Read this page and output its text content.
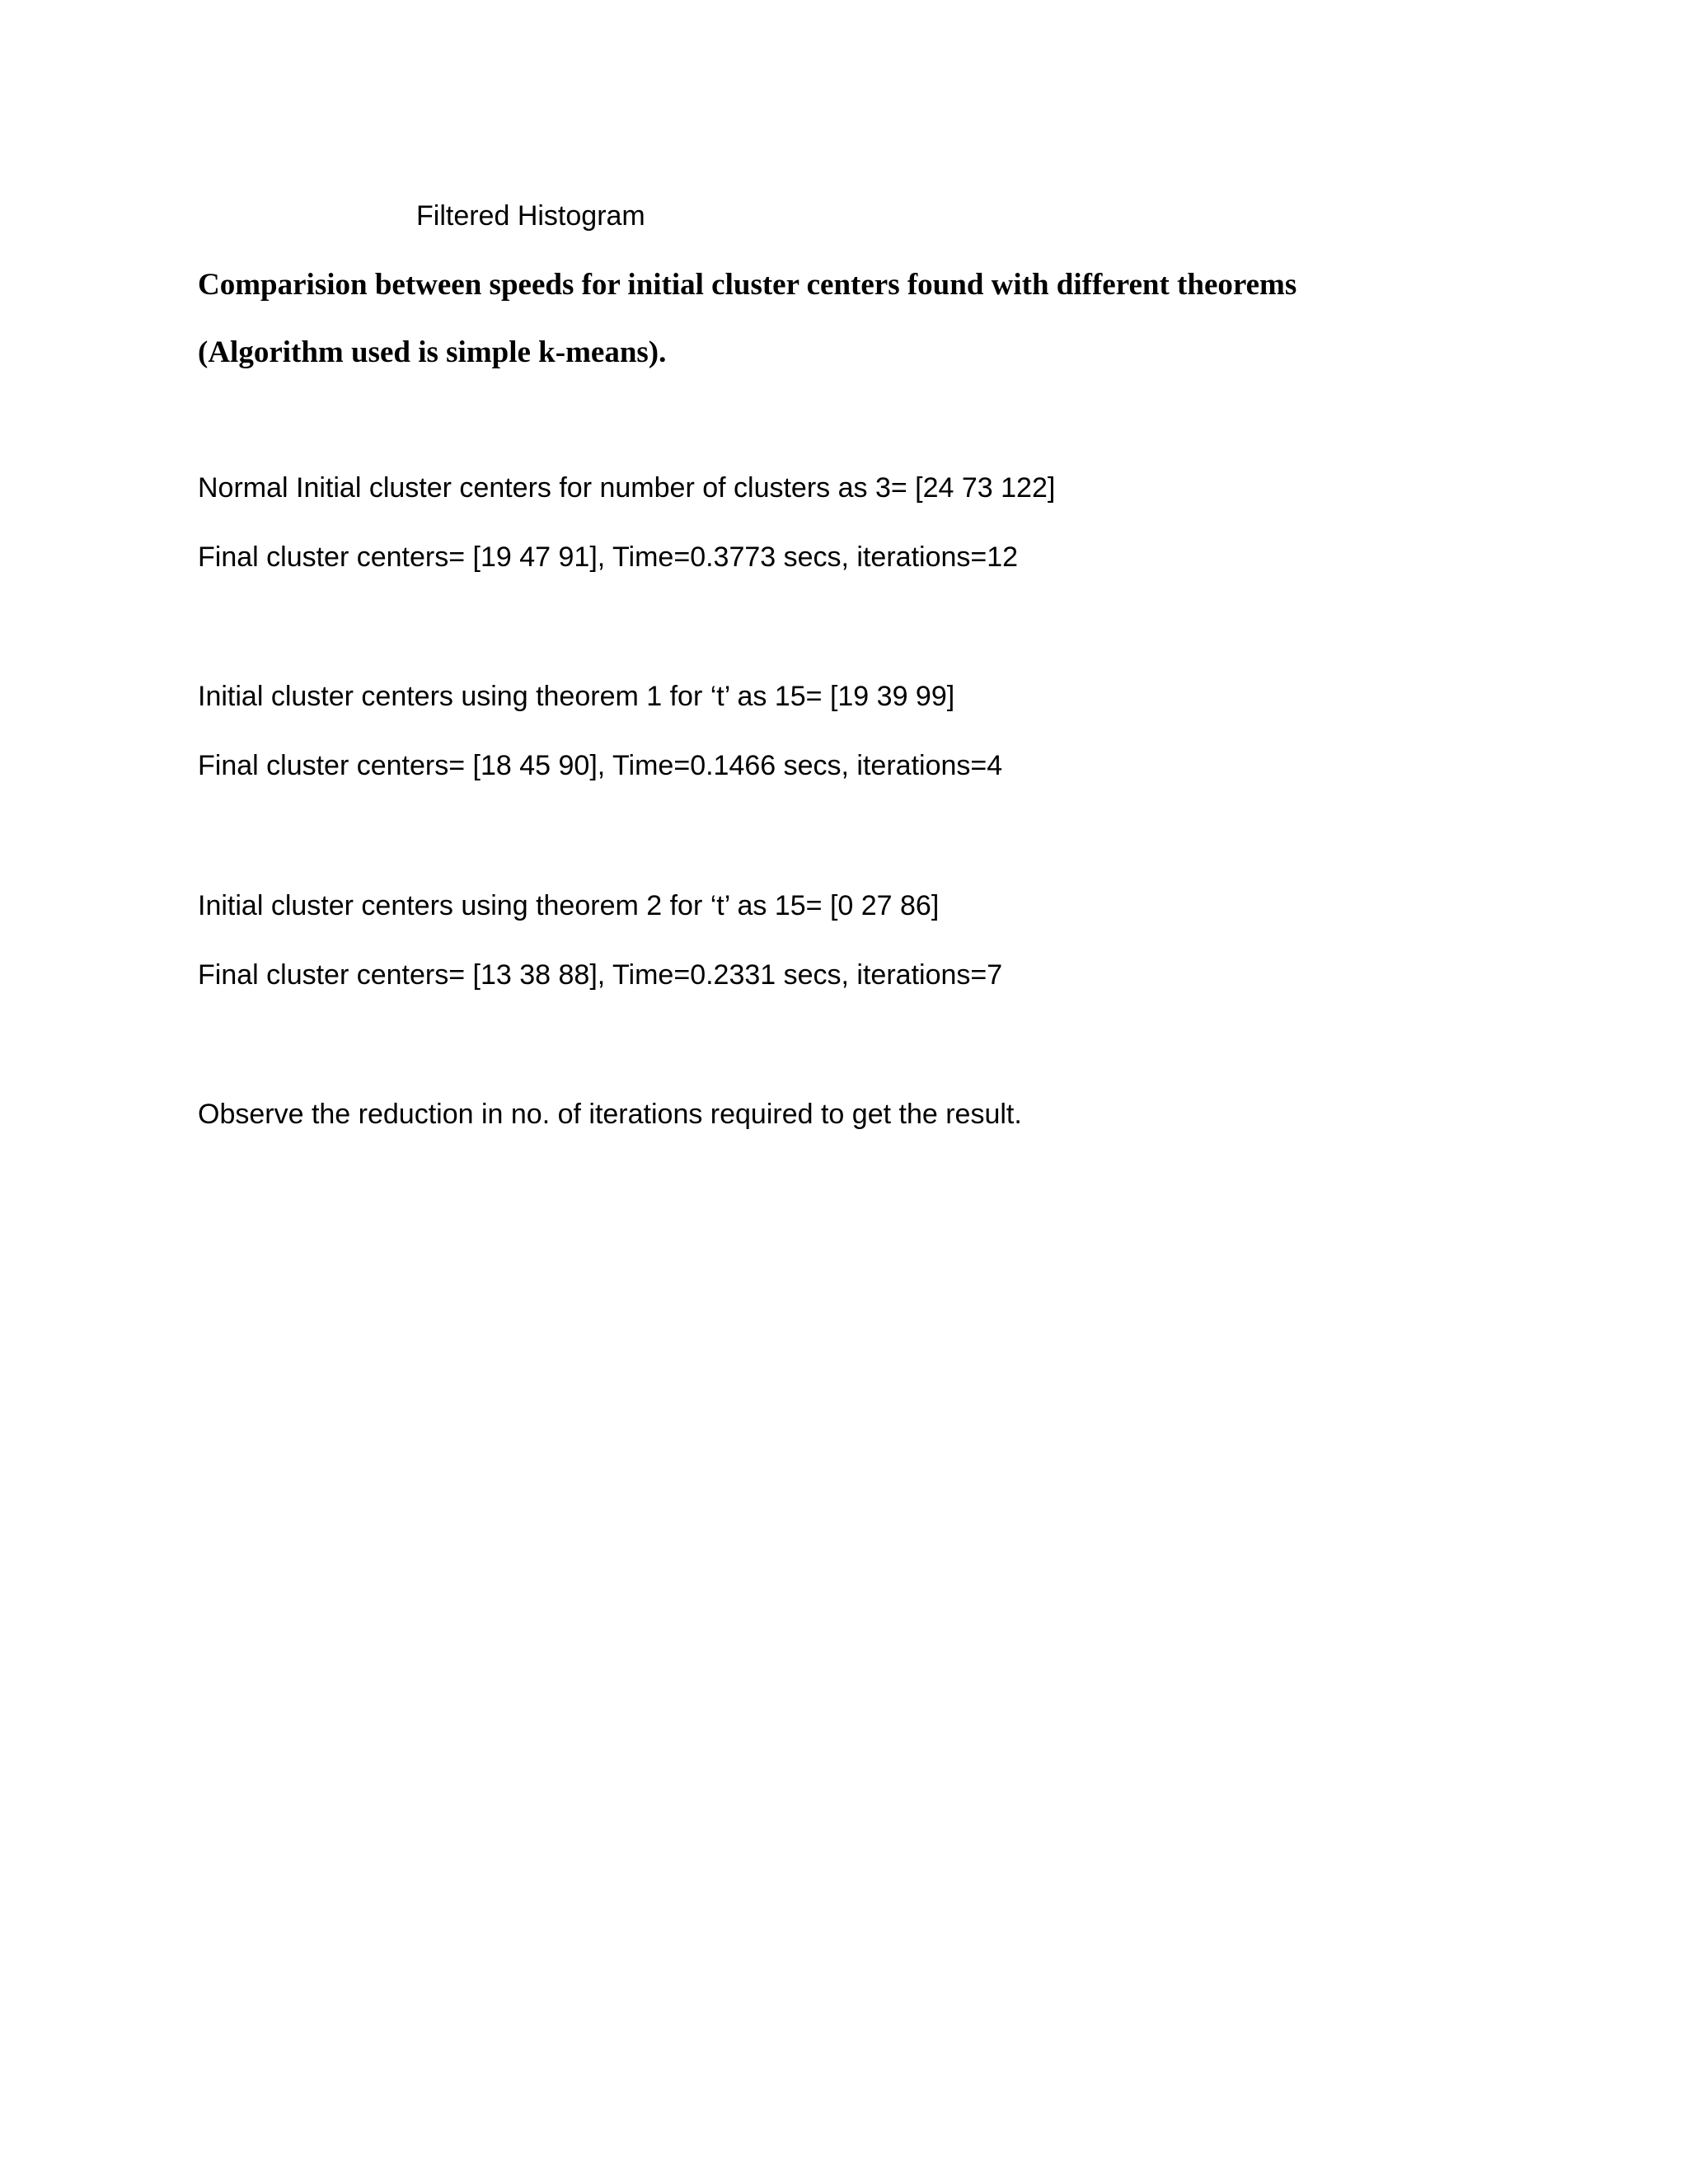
Filtered Histogram
Comparision between speeds for initial cluster centers found with different theorems
(Algorithm used is simple k-means).
Normal Initial cluster centers for number of clusters as 3= [24 73 122]
Final cluster centers= [19 47 91], Time=0.3773 secs, iterations=12
Initial cluster centers using theorem 1 for ‘t’ as 15= [19 39 99]
Final cluster centers= [18 45 90], Time=0.1466 secs, iterations=4
Initial cluster centers using theorem 2 for ‘t’ as 15= [0 27 86]
Final cluster centers= [13 38 88], Time=0.2331 secs, iterations=7
Observe the reduction in no. of iterations required to get the result.
